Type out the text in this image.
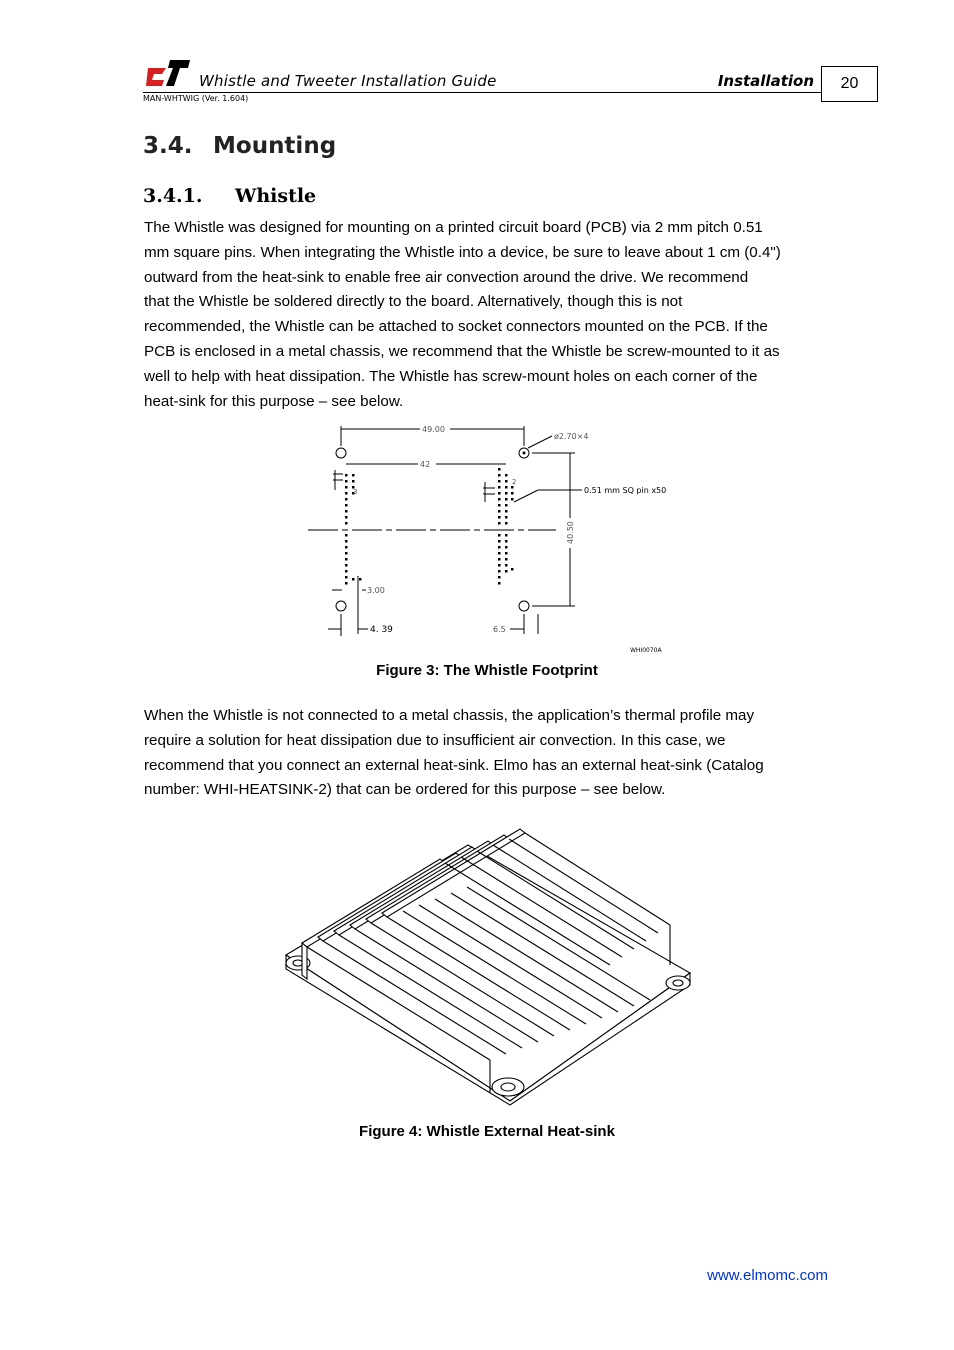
Whistle and Tweeter Installation Guide	Installation	20
MAN-WHTWIG (Ver. 1.604)
3.4. Mounting
3.4.1. Whistle
The Whistle was designed for mounting on a printed circuit board (PCB) via 2 mm pitch 0.51
mm square pins. When integrating the Whistle into a device, be sure to leave about 1 cm (0.4")
outward from the heat-sink to enable free air convection around the drive. We recommend
that the Whistle be soldered directly to the board. Alternatively, though this is not
recommended, the Whistle can be attached to socket connectors mounted on the PCB. If the
PCB is enclosed in a metal chassis, we recommend that the Whistle be screw-mounted to it as
well to help with heat dissipation. The Whistle has screw-mount holes on each corner of the
heat-sink for this purpose – see below.
49.00
ø2.70×4
42
40.50
0.51 mm SQ pin x50
3
2
3.00
4. 39	6.5
WHI0070A
Figure 3: The Whistle Footprint
When the Whistle is not connected to a metal chassis, the application’s thermal profile may
require a solution for heat dissipation due to insufficient air convection. In this case, we
recommend that you connect an external heat-sink. Elmo has an external heat-sink (Catalog
number: WHI-HEATSINK-2) that can be ordered for this purpose – see below.
Figure 4: Whistle External Heat-sink
www.elmomc.com
